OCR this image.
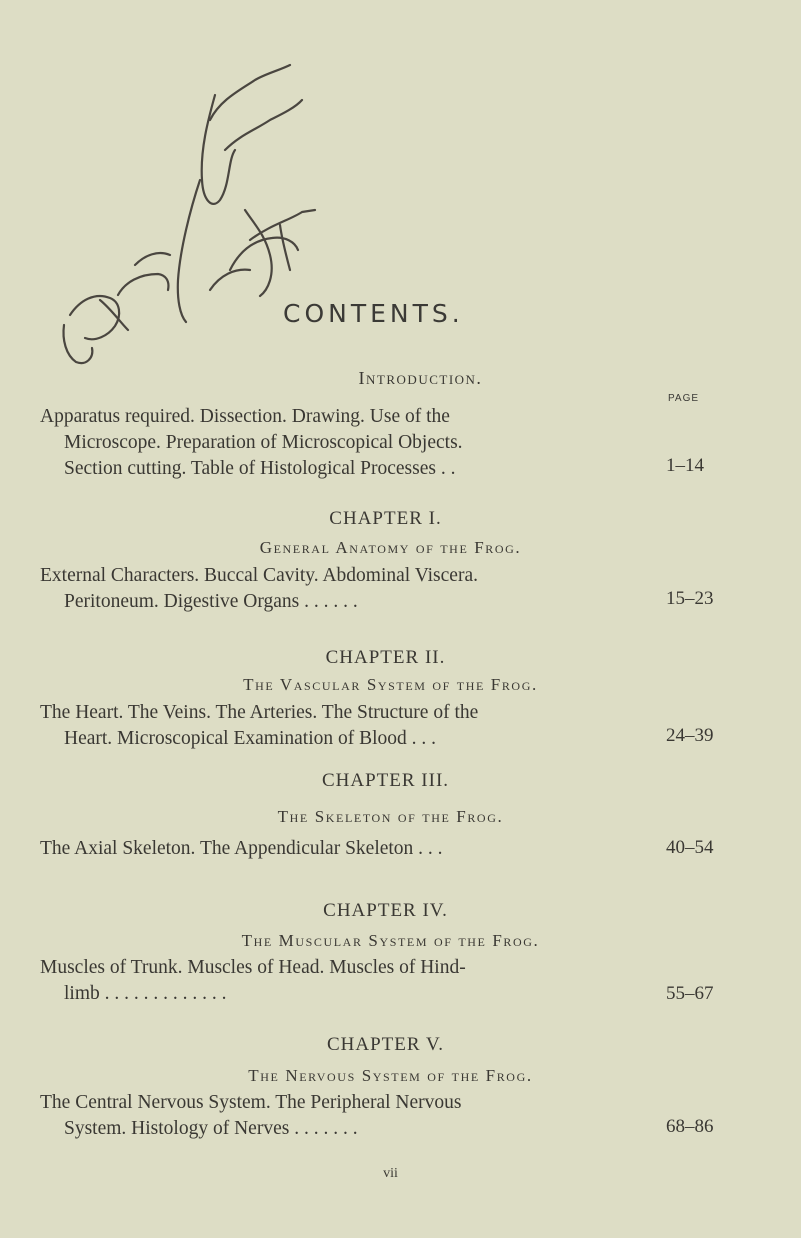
CONTENTS.
Introduction.
PAGE
Apparatus required. Dissection. Drawing. Use of the
Microscope. Preparation of Microscopical Objects.
Section cutting. Table of Histological Processes . .	1–14
CHAPTER I.
General Anatomy of the Frog.
External Characters. Buccal Cavity. Abdominal Viscera.
Peritoneum. Digestive Organs . . . . . .	15–23
CHAPTER II.
The Vascular System of the Frog.
The Heart. The Veins. The Arteries. The Structure of the
Heart. Microscopical Examination of Blood . . .	24–39
CHAPTER III.
The Skeleton of the Frog.
The Axial Skeleton. The Appendicular Skeleton . . .	40–54
CHAPTER IV.
The Muscular System of the Frog.
Muscles of Trunk. Muscles of Head. Muscles of Hind-
limb . . . . . . . . . . . . .	55–67
CHAPTER V.
The Nervous System of the Frog.
The Central Nervous System. The Peripheral Nervous
System. Histology of Nerves . . . . . . .	68–86
vii
